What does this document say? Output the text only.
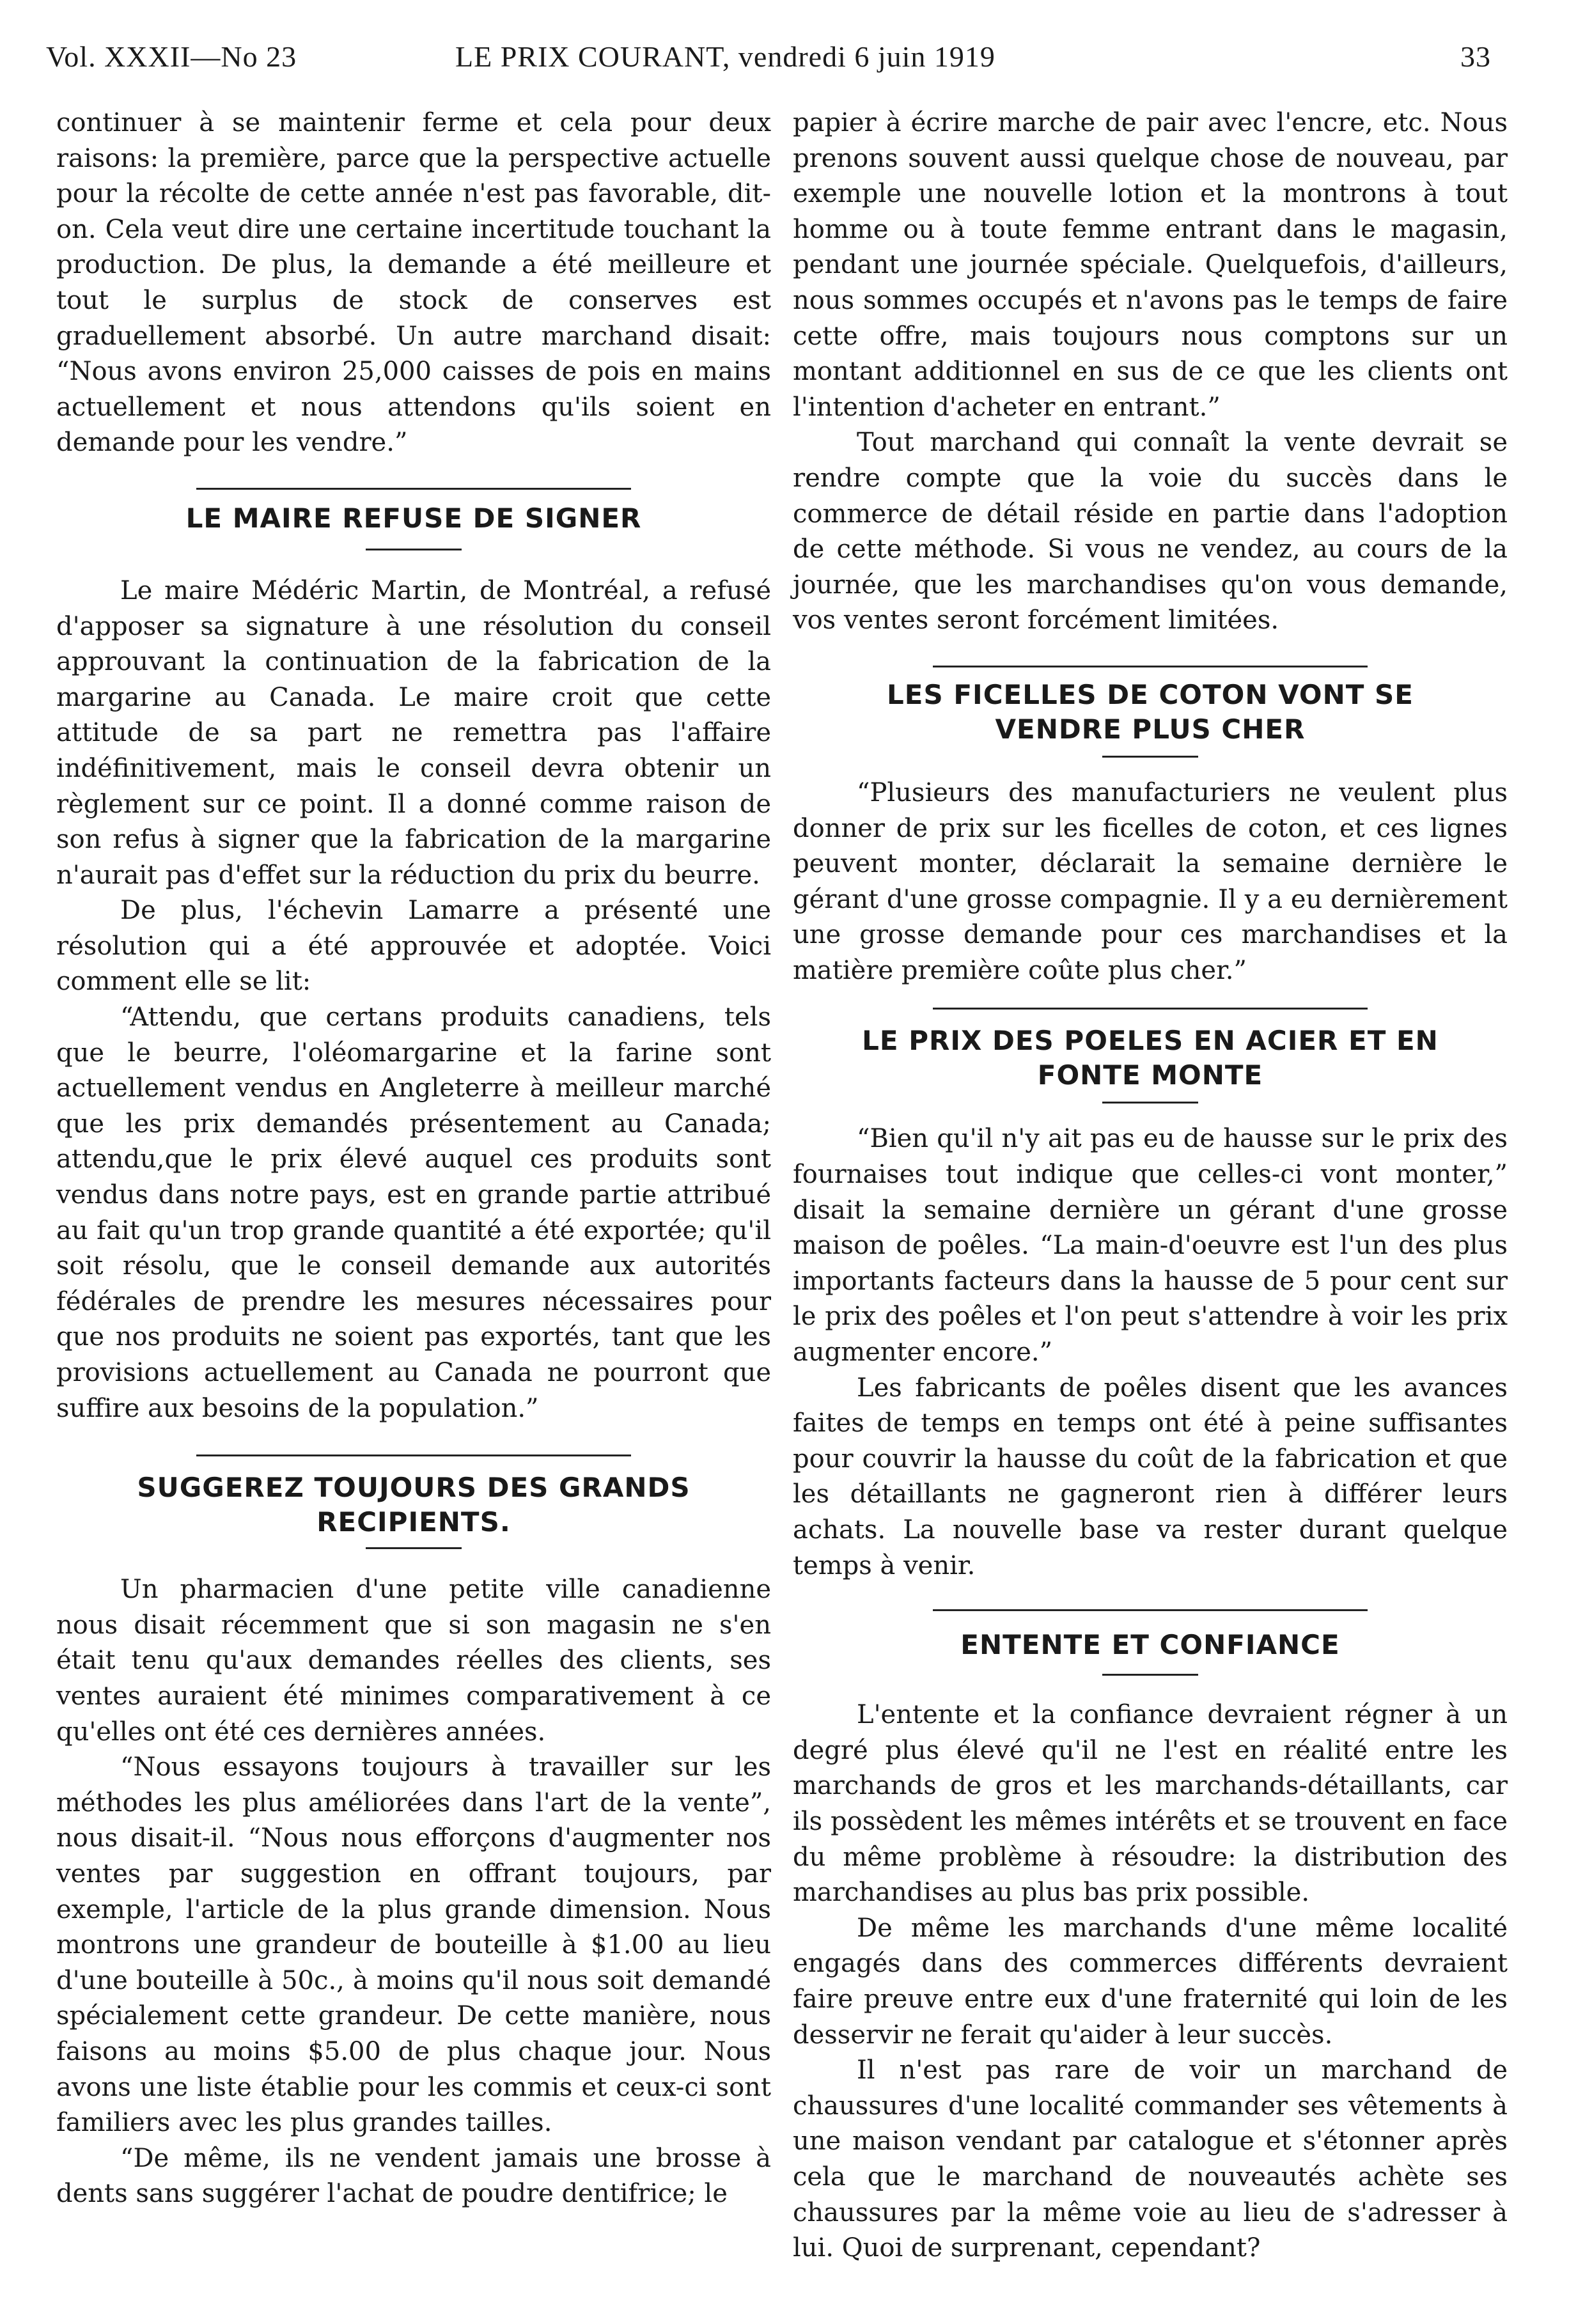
Vol. XXXII—No 23	LE PRIX COURANT, vendredi 6 juin 1919	33

continuer à se maintenir ferme et cela pour deux raisons: la première, parce que la perspective actuelle pour la récolte de cette année n'est pas favorable, dit-on. Cela veut dire une certaine incertitude touchant la production. De plus, la demande a été meilleure et tout le surplus de stock de conserves est graduellement absorbé. Un autre marchand disait: “Nous avons environ 25,000 caisses de pois en mains actuellement et nous attendons qu'ils soient en demande pour les vendre.”

LE MAIRE REFUSE DE SIGNER

Le maire Médéric Martin, de Montréal, a refusé d'apposer sa signature à une résolution du conseil approuvant la continuation de la fabrication de la margarine au Canada. Le maire croit que cette attitude de sa part ne remettra pas l'affaire indéfinitivement, mais le conseil devra obtenir un règlement sur ce point. Il a donné comme raison de son refus à signer que la fabrication de la margarine n'aurait pas d'effet sur la réduction du prix du beurre.

De plus, l'échevin Lamarre a présenté une résolution qui a été approuvée et adoptée. Voici comment elle se lit:

“Attendu, que certans produits canadiens, tels que le beurre, l'oléomargarine et la farine sont actuellement vendus en Angleterre à meilleur marché que les prix demandés présentement au Canada; attendu,que le prix élevé auquel ces produits sont vendus dans notre pays, est en grande partie attribué au fait qu'un trop grande quantité a été exportée; qu'il soit résolu, que le conseil demande aux autorités fédérales de prendre les mesures nécessaires pour que nos produits ne soient pas exportés, tant que les provisions actuellement au Canada ne pourront que suffire aux besoins de la population.”

SUGGEREZ TOUJOURS DES GRANDS RECIPIENTS.

Un pharmacien d'une petite ville canadienne nous disait récemment que si son magasin ne s'en était tenu qu'aux demandes réelles des clients, ses ventes auraient été minimes comparativement à ce qu'elles ont été ces dernières années.

“Nous essayons toujours à travailler sur les méthodes les plus améliorées dans l'art de la vente”, nous disait-il. “Nous nous efforçons d'augmenter nos ventes par suggestion en offrant toujours, par exemple, l'article de la plus grande dimension. Nous montrons une grandeur de bouteille à $1.00 au lieu d'une bouteille à 50c., à moins qu'il nous soit demandé spécialement cette grandeur. De cette manière, nous faisons au moins $5.00 de plus chaque jour. Nous avons une liste établie pour les commis et ceux-ci sont familiers avec les plus grandes tailles.

“De même, ils ne vendent jamais une brosse à dents sans suggérer l'achat de poudre dentifrice; le

papier à écrire marche de pair avec l'encre, etc. Nous prenons souvent aussi quelque chose de nouveau, par exemple une nouvelle lotion et la montrons à tout homme ou à toute femme entrant dans le magasin, pendant une journée spéciale. Quelquefois, d'ailleurs, nous sommes occupés et n'avons pas le temps de faire cette offre, mais toujours nous comptons sur un montant additionnel en sus de ce que les clients ont l'intention d'acheter en entrant.”

Tout marchand qui connaît la vente devrait se rendre compte que la voie du succès dans le commerce de détail réside en partie dans l'adoption de cette méthode. Si vous ne vendez, au cours de la journée, que les marchandises qu'on vous demande, vos ventes seront forcément limitées.

LES FICELLES DE COTON VONT SE VENDRE PLUS CHER

“Plusieurs des manufacturiers ne veulent plus donner de prix sur les ficelles de coton, et ces lignes peuvent monter, déclarait la semaine dernière le gérant d'une grosse compagnie. Il y a eu dernièrement une grosse demande pour ces marchandises et la matière première coûte plus cher.”

LE PRIX DES POELES EN ACIER ET EN FONTE MONTE

“Bien qu'il n'y ait pas eu de hausse sur le prix des fournaises tout indique que celles-ci vont monter,” disait la semaine dernière un gérant d'une grosse maison de poêles. “La main-d'oeuvre est l'un des plus importants facteurs dans la hausse de 5 pour cent sur le prix des poêles et l'on peut s'attendre à voir les prix augmenter encore.”

Les fabricants de poêles disent que les avances faites de temps en temps ont été à peine suffisantes pour couvrir la hausse du coût de la fabrication et que les détaillants ne gagneront rien à différer leurs achats. La nouvelle base va rester durant quelque temps à venir.

ENTENTE ET CONFIANCE

L'entente et la confiance devraient régner à un degré plus élevé qu'il ne l'est en réalité entre les marchands de gros et les marchands-détaillants, car ils possèdent les mêmes intérêts et se trouvent en face du même problème à résoudre: la distribution des marchandises au plus bas prix possible.

De même les marchands d'une même localité engagés dans des commerces différents devraient faire preuve entre eux d'une fraternité qui loin de les desservir ne ferait qu'aider à leur succès.

Il n'est pas rare de voir un marchand de chaussures d'une localité commander ses vêtements à une maison vendant par catalogue et s'étonner après cela que le marchand de nouveautés achète ses chaussures par la même voie au lieu de s'adresser à lui. Quoi de surprenant, cependant?
